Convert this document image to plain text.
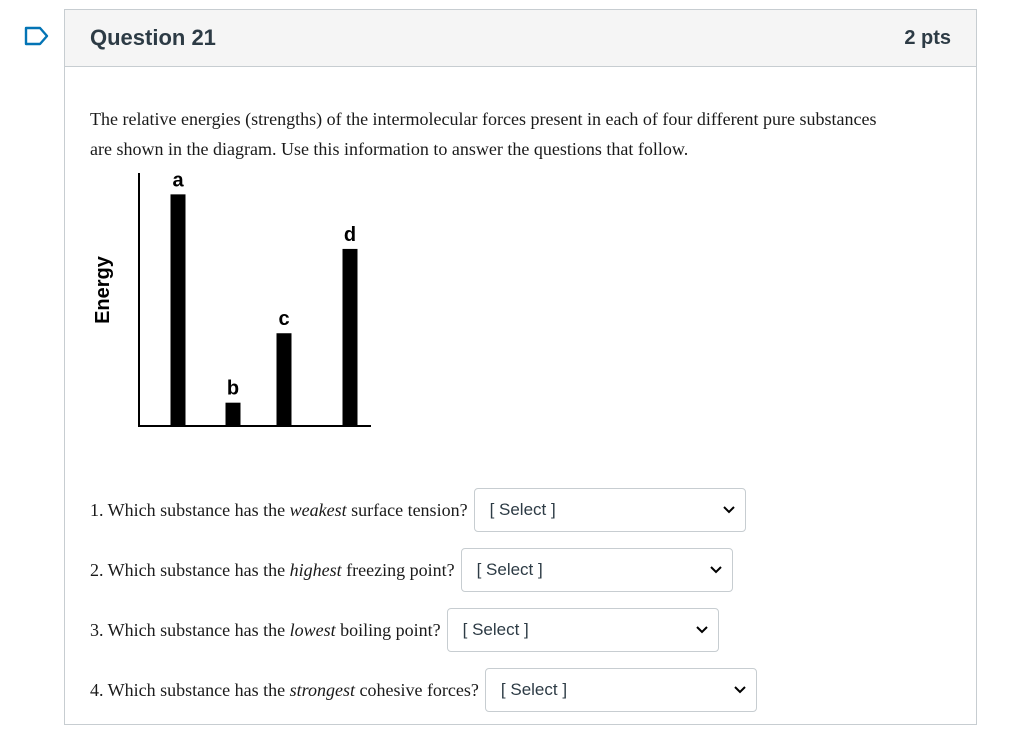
Question 21	2 pts

The relative energies (strengths) of the intermolecular forces present in each of four different pure substances are shown in the diagram. Use this information to answer the questions that follow.

Energy
a
b
c
d
1. Which substance has the weakest surface tension? [ Select ]
2. Which substance has the highest freezing point? [ Select ]
3. Which substance has the lowest boiling point? [ Select ]
4. Which substance has the strongest cohesive forces? [ Select ]
